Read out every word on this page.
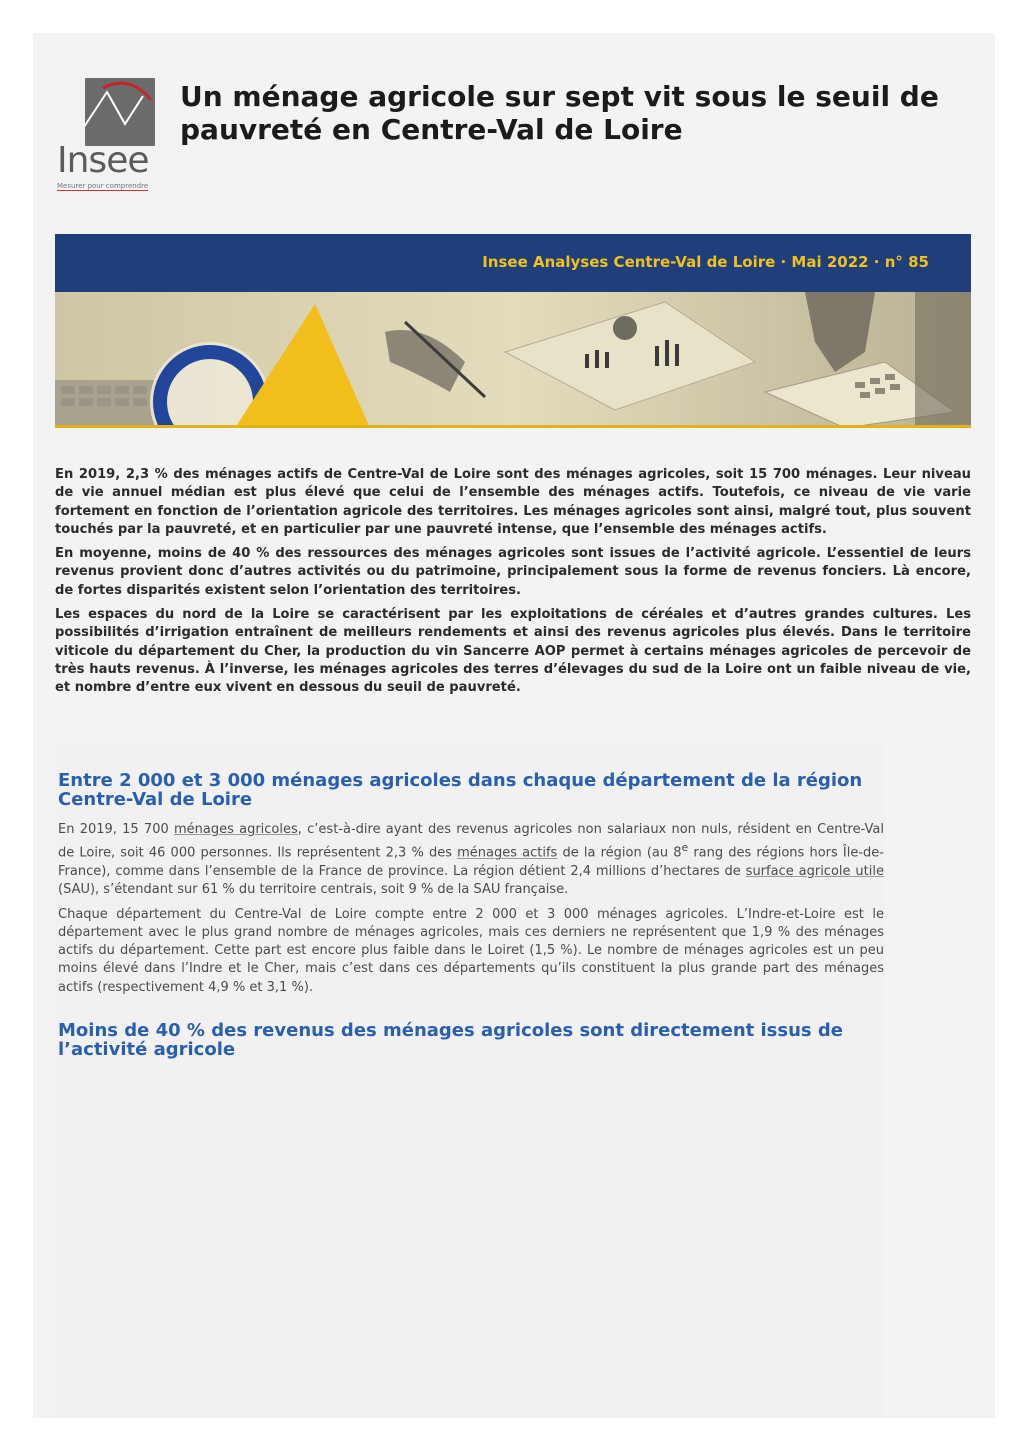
Insee
Mesurer pour comprendre
Un ménage agricole sur sept vit sous le seuil de pauvreté en Centre-Val de Loire
Insee Analyses Centre-Val de Loire · Mai 2022 · n° 85

En 2019, 2,3 % des ménages actifs de Centre-Val de Loire sont des ménages agricoles, soit 15 700 ménages. Leur niveau de vie annuel médian est plus élevé que celui de l’ensemble des ménages actifs. Toutefois, ce niveau de vie varie fortement en fonction de l’orientation agricole des territoires. Les ménages agricoles sont ainsi, malgré tout, plus souvent touchés par la pauvreté, et en particulier par une pauvreté intense, que l’ensemble des ménages actifs.

En moyenne, moins de 40 % des ressources des ménages agricoles sont issues de l’activité agricole. L’essentiel de leurs revenus provient donc d’autres activités ou du patrimoine, principalement sous la forme de revenus fonciers. Là encore, de fortes disparités existent selon l’orientation des territoires.

Les espaces du nord de la Loire se caractérisent par les exploitations de céréales et d’autres grandes cultures. Les possibilités d’irrigation entraînent de meilleurs rendements et ainsi des revenus agricoles plus élevés. Dans le territoire viticole du département du Cher, la production du vin Sancerre AOP permet à certains ménages agricoles de percevoir de très hauts revenus. À l’inverse, les ménages agricoles des terres d’élevages du sud de la Loire ont un faible niveau de vie, et nombre d’entre eux vivent en dessous du seuil de pauvreté.

Entre 2 000 et 3 000 ménages agricoles dans chaque département de la région Centre-Val de Loire

En 2019, 15 700 ménages agricoles, c’est-à-dire ayant des revenus agricoles non salariaux non nuls, résident en Centre-Val de Loire, soit 46 000 personnes. Ils représentent 2,3 % des ménages actifs de la région (au 8e rang des régions hors Île-de-France), comme dans l’ensemble de la France de province. La région détient 2,4 millions d’hectares de surface agricole utile (SAU), s’étendant sur 61 % du territoire centrais, soit 9 % de la SAU française.

Chaque département du Centre-Val de Loire compte entre 2 000 et 3 000 ménages agricoles. L’Indre-et-Loire est le département avec le plus grand nombre de ménages agricoles, mais ces derniers ne représentent que 1,9 % des ménages actifs du département. Cette part est encore plus faible dans le Loiret (1,5 %). Le nombre de ménages agricoles est un peu moins élevé dans l’Indre et le Cher, mais c’est dans ces départements qu’ils constituent la plus grande part des ménages actifs (respectivement 4,9 % et 3,1 %).

Moins de 40 % des revenus des ménages agricoles sont directement issus de l’activité agricole
